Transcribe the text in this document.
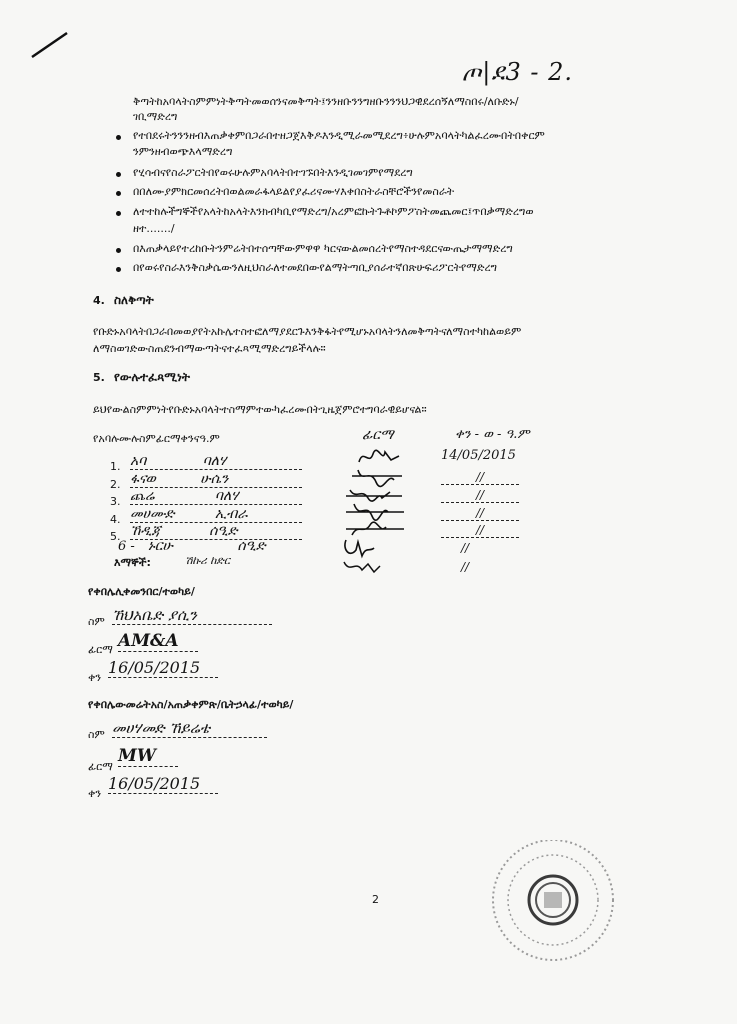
ጦ|ደ3 - 2.
ቅጣትከአባላትስምምነትቅጣትመወሰንናመቅጣት፤ንንዘቡንንግዘቡንንንህጋዊደረሰኝለማስበሩ/ለቡድኑ/
ገቢማድረግ
የተበደሩትንንንዘብእጠቃቀምበጋራበተዘጋጀእቅዶእንዲሚራመሚደረግ፥ሁሉምአባላትካልፈረሙበትበቀርም
ንምንዘብወጭእላማድረግ
የሂሳብናየስራፖርትበየወሩሁሉምአባላትበተገኙበትእንዲገመገምየማደረግ
በበለሙያምክርመሰረትበወልመራፋላይልየያፈሪናሙሃእቀበስትራስቸሮችንየመስራት
ለተተከሉችግኞችየአላትከአላትእንክብካቢየማድረግ/አረምፎኩትጉቶኮምፖስትመጨመር፤ጥበቃማድረግወ
ዘተ......./
በእጠቃላይየተረከቡትንምሬትበተሰጣቸውምዋዋ ካርናውልመሰረትየማስተዳደርናውጤታማማድረግ
በየወሩየስራእንቅስቃሴውንለዚህስራለተመደበውየልማትጣቢያሰራተኛበጽሁፍሪፖርትየማድረግ
4. ስለቅጣት
የቡድኑአባላትበጋራበመወያየትአኩሌተስተፎለማያደርጉእንቅፋትየሚሆኑአባላትንለመቅጣትናለማስተካከልወይም
ለማስወገድውስጠደንብማውጣትናተፈጻሚማድረግይችላሉ።
5. የውሉተፈጻሚነት
ይህየውልስምምነትየቡድኑአባላትተስማምተውካፈረሙበትጊዜጀምሮተግባራዊይሆናል።
የአባሉሙሉስምፊርማቀንናዓ.ም	ፊርማ	ቀን - ወ - ዓ.ም
1. አባ	ባለሃ	14/05/2015
2. ፋናወ	ሁሴን	//
3. ጨሬ	ባለሃ	//
4. መሀሙድ	ኢብራ	//
5. ኸዲጃ	ሰዒድ	//
6 - ኑርሁ	ሰዒድ	//
እማኞች:	ሽኩሪ ከድር	//
የቀበሌሊቀመንበር/ተወካይ/
ስም ኸህአቤድ ያሲን
ፊርማ AM&A
ቀን
16/05/2015
የቀበሌውመሬትአስ/አጠቃቀምጽ/ቤትኃላፊ/ተወካይ/
ስም መሀሃመድ ኸይሬቴ
ፊርማ
MW
ቀን
16/05/2015
2
